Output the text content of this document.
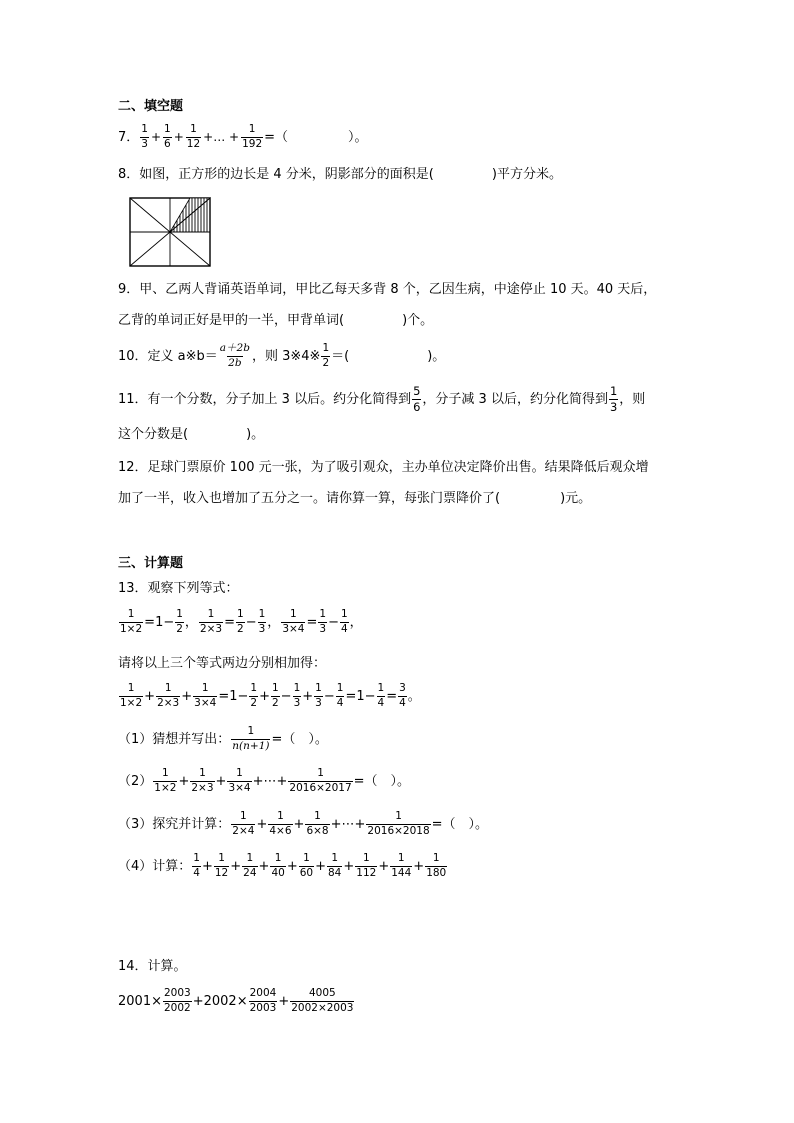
二、填空题
7．
1
$3 + \frac{1}{6} + \frac{1}{12}$ +… + $\frac{1}{192}$ =（	）。
8．如图，正方形的边长是 4 分米，阴影部分的面积是(	)平方分米。
9．甲、乙两人背诵英语单词，甲比乙每天多背 8 个，乙因生病，中途停止 10 天。40 天后，
乙背的单词正好是甲的一半，甲背单词(	)个。
10．定义 a※b＝
a＋2b
2b ，则 3※4※
1
2 ＝(	)。
11．有一个分数，分子加上 3 以后。约分化简得到
5
6 ，分子减 3 以后，约分化简得到
1
3 ，则
这个分数是(	)。
12．足球门票原价 100 元一张，为了吸引观众，主办单位决定降价出售。结果降低后观众增
加了一半，收入也增加了五分之一。请你算一算，每张门票降价了(	)元。
三、计算题
13．观察下列等式：
$\frac{1}{1\times 2} =1- \frac{1}{2}$ ， $\frac{1}{2\times 3} = \frac{1}{2} - \frac{1}{3}$ ， $\frac{1}{3\times 4} = \frac{1}{3} - \frac{1}{4}$ ，
请将以上三个等式两边分别相加得：
1
$1\times 2 + \frac{1}{2\times 3} + \frac{1}{3\times 4} =1- \frac{1}{2} + \frac{1}{2} - \frac{1}{3} + \frac{1}{3} - \frac{1}{4} =1- \frac{1}{4} = \frac{3}{4}$ 。
（1）猜想并写出： $\frac{1}{n(n+1)}$ =（　）。
（2）
1
$1\times 2 + \frac{1}{2\times 3} + \frac{1}{3\times 4}$ +⋯+ $\frac{1}{2016\times 2017}$ =（　）。
（3）探究并计算：
1
$2\times 4 + \frac{1}{4\times 6} + \frac{1}{6\times 8}$ +⋯+ $\frac{1}{2016\times 2018}$ =（　）。
（4）计算：
1
$4 + \frac{1}{12} + \frac{1}{24} + \frac{1}{40} + \frac{1}{60} + \frac{1}{84} + \frac{1}{112} + \frac{1}{144} + \frac{1}{180}$
14．计算。
$2001\times \frac{2003}{2002} +2002\times \frac{2004}{2003} + \frac{4005}{2002\times 2003}$
